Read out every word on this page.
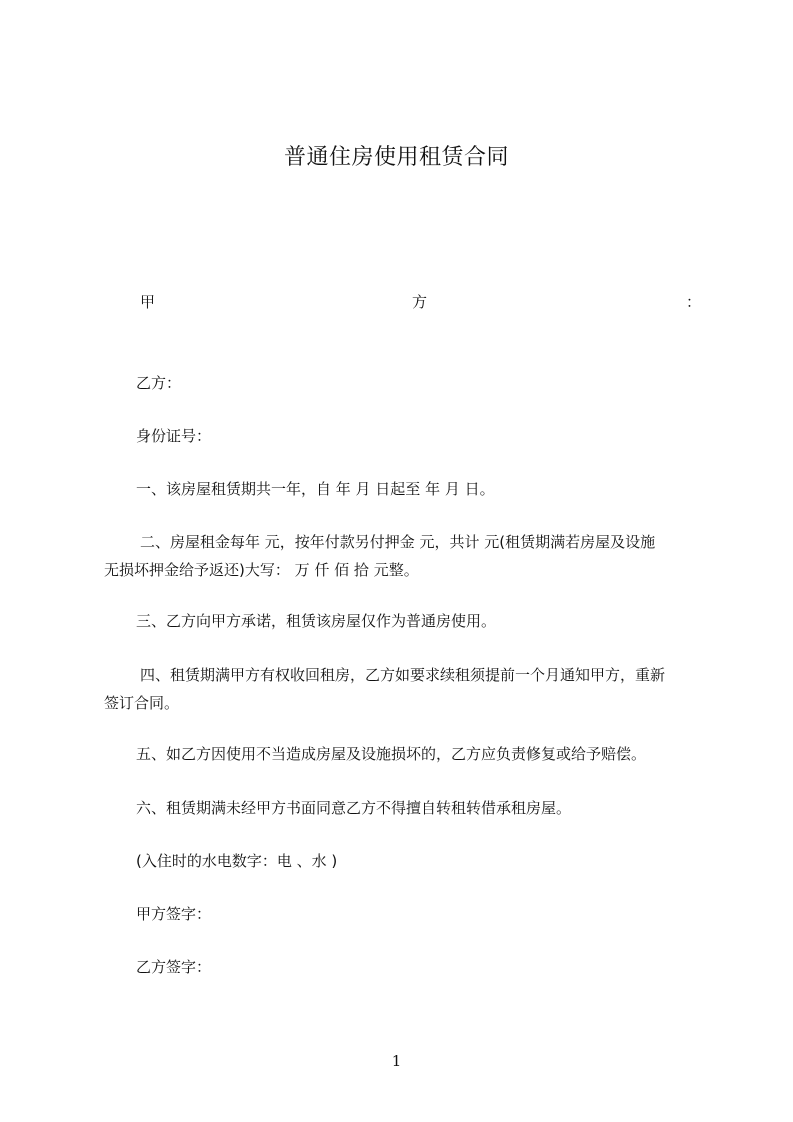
普通住房使用租赁合同
甲	方	：
乙方：
身份证号：
一、该房屋租赁期共一年，自 年 月 日起至 年 月 日。
二、房屋租金每年 元，按年付款另付押金 元，共计 元(租赁期满若房屋及设施
无损坏押金给予返还)大写： 万 仟 佰 拾 元整。
三、乙方向甲方承诺，租赁该房屋仅作为普通房使用。
四、租赁期满甲方有权收回租房，乙方如要求续租须提前一个月通知甲方，重新
签订合同。
五、如乙方因使用不当造成房屋及设施损坏的，乙方应负责修复或给予赔偿。
六、租赁期满未经甲方书面同意乙方不得擅自转租转借承租房屋。
(入住时的水电数字：电 、水 )
甲方签字：
乙方签字：
1
